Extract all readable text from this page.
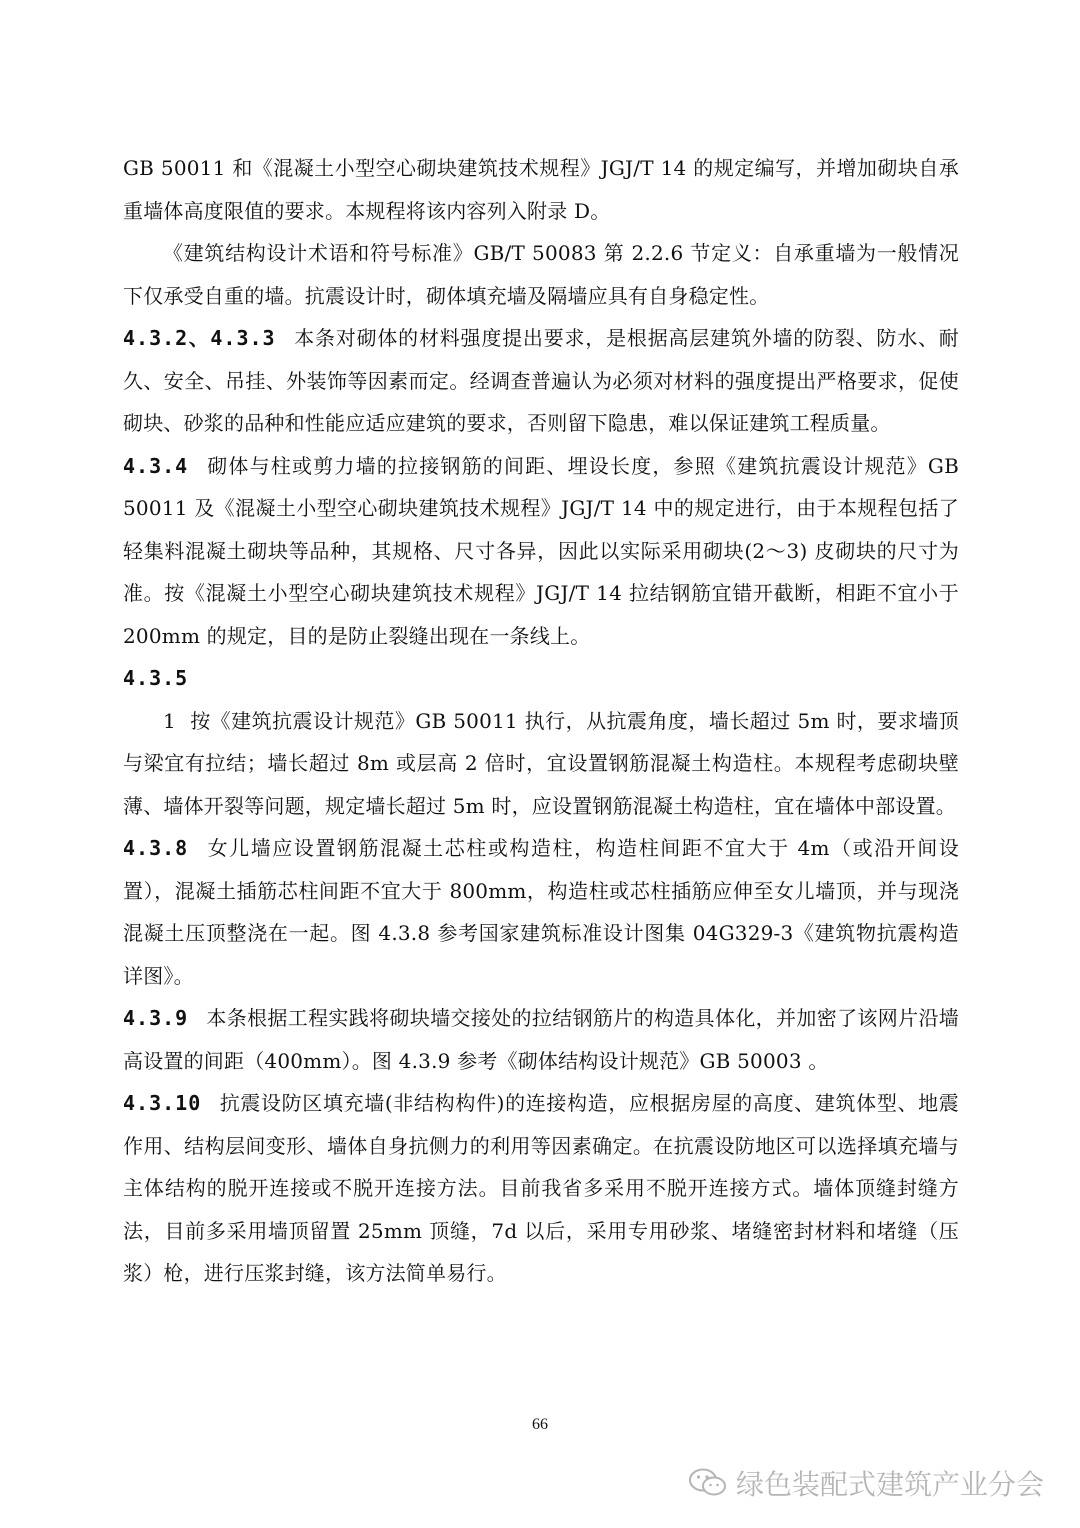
GB 50011 和《混凝土小型空心砌块建筑技术规程》JGJ/T 14 的规定编写，并增加砌块自承重墙体高度限值的要求。本规程将该内容列入附录 D。

《建筑结构设计术语和符号标准》GB/T 50083 第 2.2.6 节定义：自承重墙为一般情况下仅承受自重的墙。抗震设计时，砌体填充墙及隔墙应具有自身稳定性。

4.3.2、4.3.3 本条对砌体的材料强度提出要求，是根据高层建筑外墙的防裂、防水、耐久、安全、吊挂、外装饰等因素而定。经调查普遍认为必须对材料的强度提出严格要求，促使砌块、砂浆的品种和性能应适应建筑的要求，否则留下隐患，难以保证建筑工程质量。

4.3.4 砌体与柱或剪力墙的拉接钢筋的间距、埋设长度，参照《建筑抗震设计规范》GB 50011 及《混凝土小型空心砌块建筑技术规程》JGJ/T 14 中的规定进行，由于本规程包括了轻集料混凝土砌块等品种，其规格、尺寸各异，因此以实际采用砌块(2～3) 皮砌块的尺寸为准。按《混凝土小型空心砌块建筑技术规程》JGJ/T 14 拉结钢筋宜错开截断，相距不宜小于 200mm 的规定，目的是防止裂缝出现在一条线上。

4.3.5

1 按《建筑抗震设计规范》GB 50011 执行，从抗震角度，墙长超过 5m 时，要求墙顶与梁宜有拉结；墙长超过 8m 或层高 2 倍时，宜设置钢筋混凝土构造柱。本规程考虑砌块壁薄、墙体开裂等问题，规定墙长超过 5m 时，应设置钢筋混凝土构造柱，宜在墙体中部设置。

4.3.8 女儿墙应设置钢筋混凝土芯柱或构造柱，构造柱间距不宜大于 4m（或沿开间设置），混凝土插筋芯柱间距不宜大于 800mm，构造柱或芯柱插筋应伸至女儿墙顶，并与现浇混凝土压顶整浇在一起。图 4.3.8 参考国家建筑标准设计图集 04G329-3《建筑物抗震构造详图》。

4.3.9 本条根据工程实践将砌块墙交接处的拉结钢筋片的构造具体化，并加密了该网片沿墙高设置的间距（400mm）。图 4.3.9 参考《砌体结构设计规范》GB 50003 。

4.3.10 抗震设防区填充墙(非结构构件)的连接构造，应根据房屋的高度、建筑体型、地震作用、结构层间变形、墙体自身抗侧力的利用等因素确定。在抗震设防地区可以选择填充墙与主体结构的脱开连接或不脱开连接方法。目前我省多采用不脱开连接方式。墙体顶缝封缝方法，目前多采用墙顶留置 25mm 顶缝，7d 以后，采用专用砂浆、堵缝密封材料和堵缝（压浆）枪，进行压浆封缝，该方法简单易行。

66
绿色装配式建筑产业分会
